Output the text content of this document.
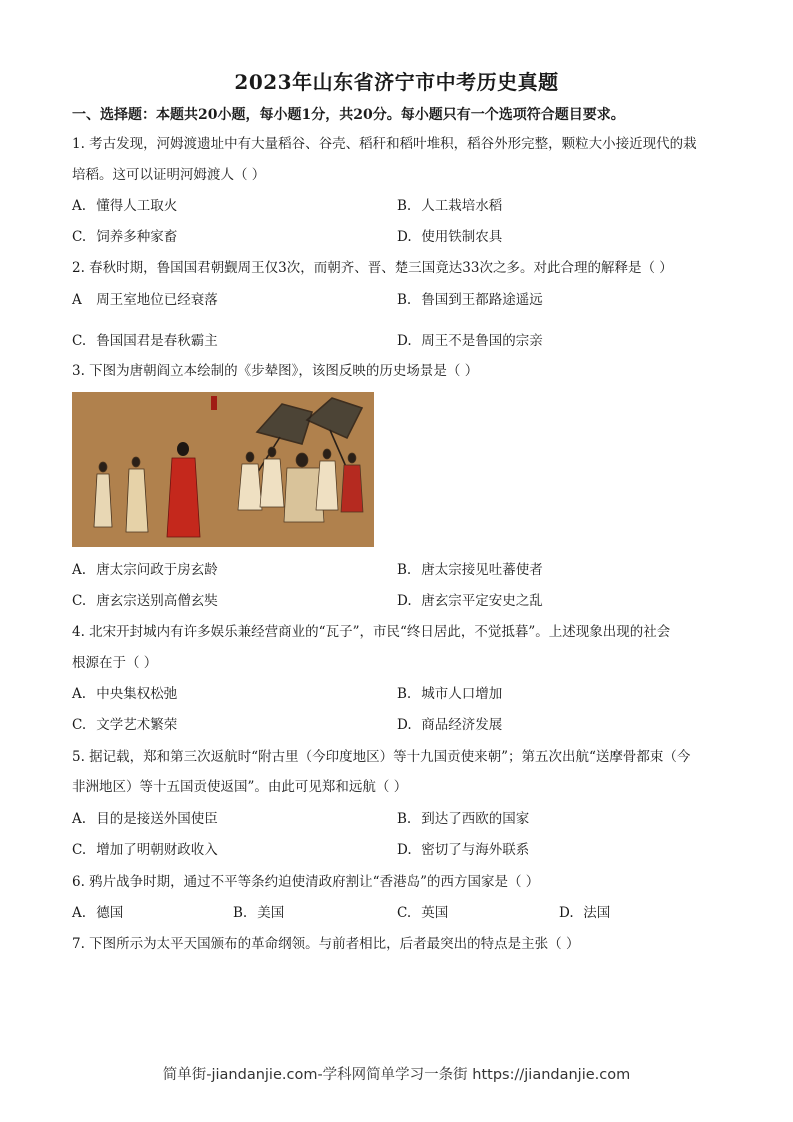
2023年山东省济宁市中考历史真题
一、选择题：本题共20小题，每小题1分，共20分。每小题只有一个选项符合题目要求。
1. 考古发现，河姆渡遗址中有大量稻谷、谷壳、稻秆和稻叶堆积，稻谷外形完整，颗粒大小接近现代的栽
培稻。这可以证明河姆渡人（ ）
A. 懂得人工取火	B. 人工栽培水稻
C. 饲养多种家畜	D. 使用铁制农具
2. 春秋时期，鲁国国君朝觐周王仅3次，而朝齐、晋、楚三国竟达33次之多。对此合理的解释是（ ）
A 周王室地位已经衰落	B. 鲁国到王都路途遥远
C. 鲁国国君是春秋霸主	D. 周王不是鲁国的宗亲
3. 下图为唐朝阎立本绘制的《步辇图》，该图反映的历史场景是（ ）
A. 唐太宗问政于房玄龄	B. 唐太宗接见吐蕃使者
C. 唐玄宗送别高僧玄奘	D. 唐玄宗平定安史之乱
4. 北宋开封城内有许多娱乐兼经营商业的“瓦子”，市民“终日居此，不觉抵暮”。上述现象出现的社会
根源在于（ ）
A. 中央集权松弛	B. 城市人口增加
C. 文学艺术繁荣	D. 商品经济发展
5. 据记载，郑和第三次返航时“附古里（今印度地区）等十九国贡使来朝”；第五次出航“送摩骨都束（今
非洲地区）等十五国贡使返国”。由此可见郑和远航（ ）
A. 目的是接送外国使臣	B. 到达了西欧的国家
C. 增加了明朝财政收入	D. 密切了与海外联系
6. 鸦片战争时期，通过不平等条约迫使清政府割让“香港岛”的西方国家是（ ）
A. 德国	B. 美国	C. 英国	D. 法国
7. 下图所示为太平天国颁布的革命纲领。与前者相比，后者最突出的特点是主张（ ）
简单街-jiandanjie.com-学科网简单学习一条街 https://jiandanjie.com
